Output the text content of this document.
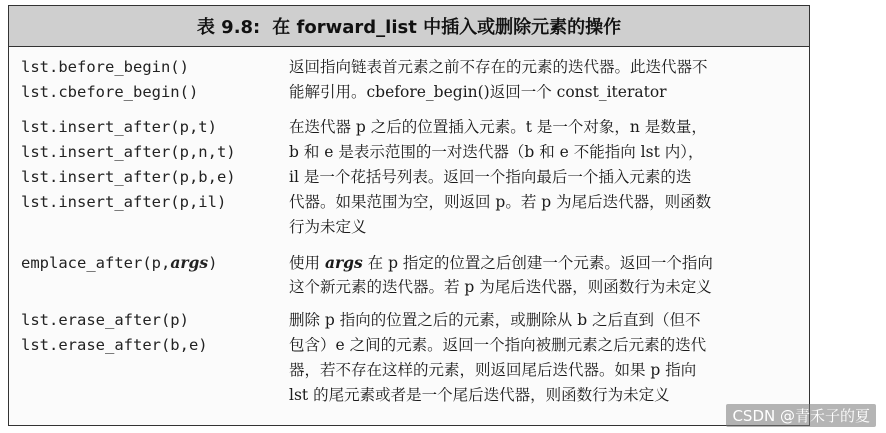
表 9.8: 在 forward_list 中插入或删除元素的操作
lst.before_begin()
lst.cbefore_begin()
返回指向链表首元素之前不存在的元素的迭代器。此迭代器不
能解引用。cbefore_begin()返回一个 const_iterator
lst.insert_after(p,t)
lst.insert_after(p,n,t)
lst.insert_after(p,b,e)
lst.insert_after(p,il)
在迭代器 p 之后的位置插入元素。t 是一个对象，n 是数量，
b 和 e 是表示范围的一对迭代器（b 和 e 不能指向 lst 内），
il 是一个花括号列表。返回一个指向最后一个插入元素的迭
代器。如果范围为空，则返回 p。若 p 为尾后迭代器，则函数
行为未定义
emplace_after(p,args)	使用 args 在 p 指定的位置之后创建一个元素。返回一个指向
这个新元素的迭代器。若 p 为尾后迭代器，则函数行为未定义
lst.erase_after(p)
lst.erase_after(b,e)
删除 p 指向的位置之后的元素，或删除从 b 之后直到（但不
包含）e 之间的元素。返回一个指向被删元素之后元素的迭代
器，若不存在这样的元素，则返回尾后迭代器。如果 p 指向
lst 的尾元素或者是一个尾后迭代器，则函数行为未定义
CSDN @青禾子的夏
